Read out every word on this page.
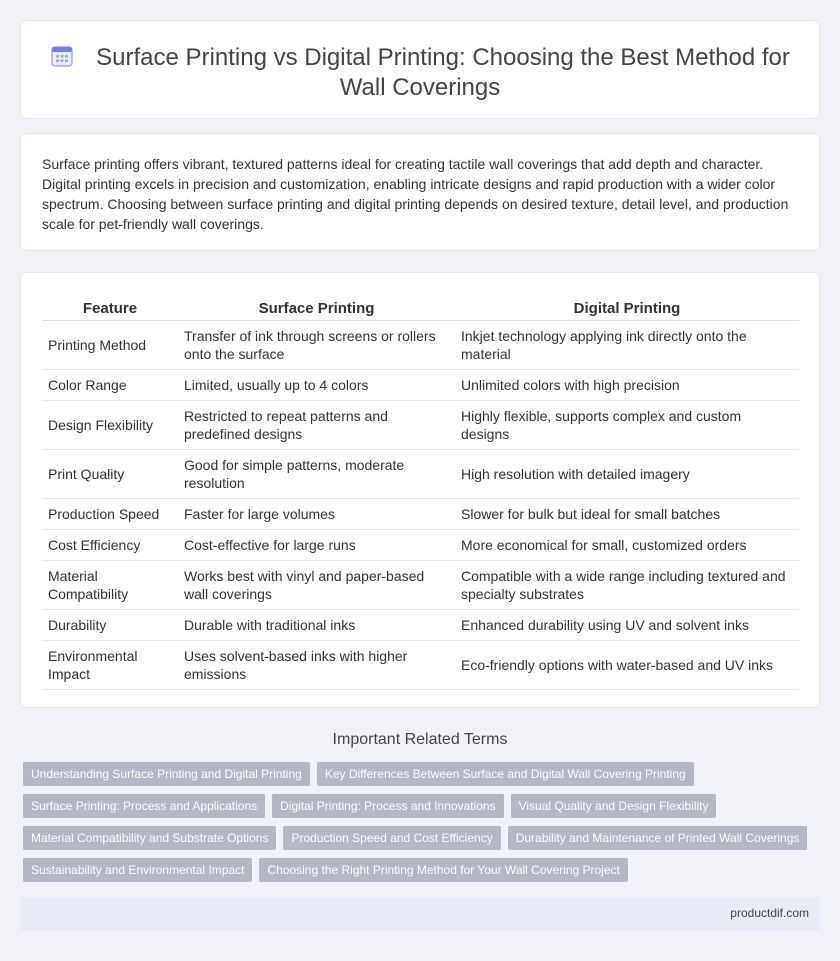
Surface Printing vs Digital Printing: Choosing the Best Method for Wall Coverings

Surface printing offers vibrant, textured patterns ideal for creating tactile wall coverings that add depth and character. Digital printing excels in precision and customization, enabling intricate designs and rapid production with a wider color spectrum. Choosing between surface printing and digital printing depends on desired texture, detail level, and production scale for pet-friendly wall coverings.

Feature	Surface Printing	Digital Printing
Printing Method	Transfer of ink through screens or rollers onto the surface	Inkjet technology applying ink directly onto the material
Color Range	Limited, usually up to 4 colors	Unlimited colors with high precision
Design Flexibility	Restricted to repeat patterns and predefined designs	Highly flexible, supports complex and custom designs
Print Quality	Good for simple patterns, moderate resolution	High resolution with detailed imagery
Production Speed	Faster for large volumes	Slower for bulk but ideal for small batches
Cost Efficiency	Cost-effective for large runs	More economical for small, customized orders
Material Compatibility	Works best with vinyl and paper-based wall coverings	Compatible with a wide range including textured and specialty substrates
Durability	Durable with traditional inks	Enhanced durability using UV and solvent inks
Environmental Impact	Uses solvent-based inks with higher emissions	Eco-friendly options with water-based and UV inks
Important Related Terms
Understanding Surface Printing and Digital Printing	Key Differences Between Surface and Digital Wall Covering Printing
Surface Printing: Process and Applications	Digital Printing: Process and Innovations	Visual Quality and Design Flexibility
Material Compatibility and Substrate Options	Production Speed and Cost Efficiency	Durability and Maintenance of Printed Wall Coverings
Sustainability and Environmental Impact	Choosing the Right Printing Method for Your Wall Covering Project
productdif.com
